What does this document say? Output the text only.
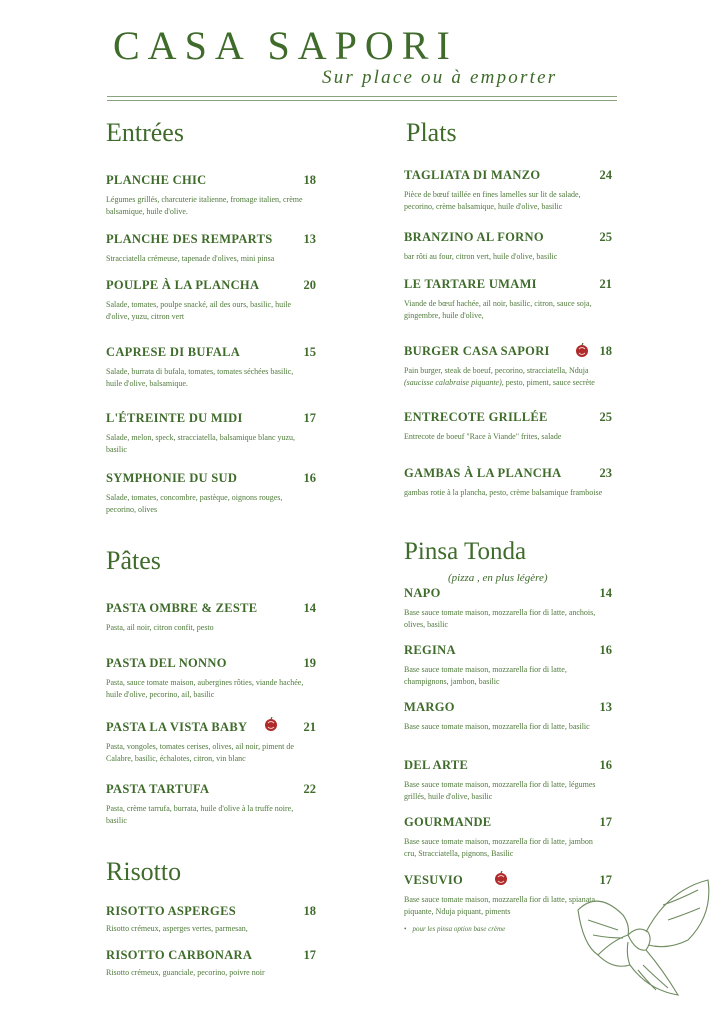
CASA SAPORI
Sur place ou à emporter
Entrées
PLANCHE CHIC	18
Légumes grillés, charcuterie italienne, fromage italien, crème balsamique, huile d'olive.
PLANCHE DES REMPARTS	13
Stracciatella crémeuse, tapenade d'olives, mini pinsa
POULPE À LA PLANCHA	20
Salade, tomates, poulpe snacké, ail des ours, basilic, huile d'olive, yuzu, citron vert
CAPRESE DI BUFALA	15
Salade, burrata di bufala, tomates, tomates séchées basilic, huile d'olive, balsamique.
L'ÉTREINTE DU MIDI	17
Salade, melon, speck, stracciatella, balsamique blanc yuzu, basilic
SYMPHONIE DU SUD	16
Salade, tomates, concombre, pastèque, oignons rouges, pecorino, olives
Pâtes
PASTA OMBRE & ZESTE	14
Pasta, ail noir, citron confit, pesto
PASTA DEL NONNO	19
Pasta, sauce tomate maison, aubergines rôties, viande hachée, huile d'olive, pecorino, ail, basilic
PASTA LA VISTA BABY	21
Pasta, vongoles, tomates cerises, olives, ail noir, piment de Calabre, basilic, échalotes, citron, vin blanc
PASTA TARTUFA	22
Pasta, crème tarrufa, burrata, huile d'olive à la truffe noire, basilic
Risotto
RISOTTO ASPERGES	18
Risotto crémeux, asperges vertes, parmesan,
RISOTTO CARBONARA	17
Risotto crémeux, guanciale, pecorino, poivre noir
Plats
TAGLIATA DI MANZO	24
Pièce de bœuf taillée en fines lamelles sur lit de salade, pecorino, crème balsamique, huile d'olive, basilic
BRANZINO AL FORNO	25
bar rôti au four, citron vert, huile d'olive, basilic
LE TARTARE UMAMI	21
Viande de bœuf hachée, ail noir, basilic, citron, sauce soja, gingembre, huile d'olive,
BURGER CASA SAPORI	18
Pain burger, steak de boeuf, pecorino, stracciatella, Nduja (saucisse calabraise piquante), pesto, piment, sauce secrète
ENTRECOTE GRILLÉE	25
Entrecote de boeuf "Race à Viande" frites, salade
GAMBAS À LA PLANCHA	23
gambas rotie à la plancha, pesto, crème balsamique framboise
Pinsa Tonda
(pizza , en plus légère)
NAPO	14
Base sauce tomate maison, mozzarella fior di latte, anchois, olives, basilic
REGINA	16
Base sauce tomate maison, mozzarella fior di latte, champignons, jambon, basilic
MARGO	13
Base sauce tomate maison, mozzarella fior di latte, basilic
DEL ARTE	16
Base sauce tomate maison, mozzarella fior di latte, légumes grillés, huile d'olive, basilic
GOURMANDE	17
Base sauce tomate maison, mozzarella fior di latte, jambon cru, Stracciatella, pignons, Basilic
VESUVIO	17
Base sauce tomate maison, mozzarella fior di latte, spianata piquante, Nduja piquant, piments
• pour les pinsa option base crème
